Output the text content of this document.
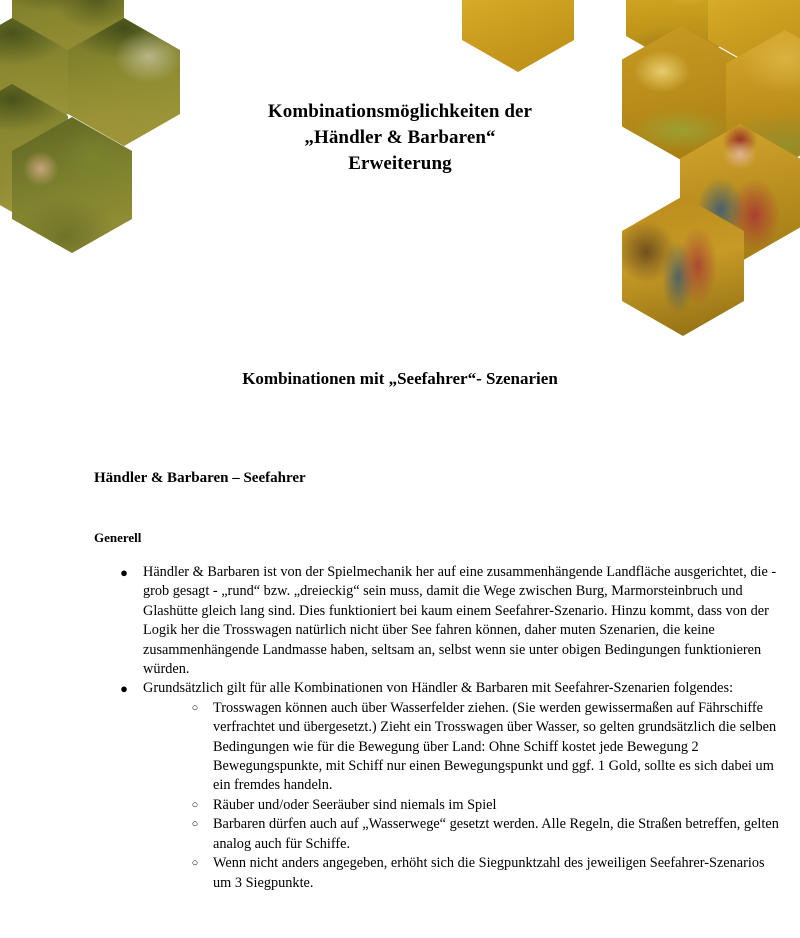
Kombinationsmöglichkeiten der
„Händler & Barbaren“
Erweiterung
Kombinationen mit „Seefahrer“- Szenarien
Händler & Barbaren – Seefahrer
Generell
● Händler & Barbaren ist von der Spielmechanik her auf eine zusammenhängende Landfläche ausgerichtet, die - grob gesagt - „rund“ bzw. „dreieckig“ sein muss, damit die Wege zwischen Burg, Marmorsteinbruch und Glashütte gleich lang sind. Dies funktioniert bei kaum einem Seefahrer-Szenario. Hinzu kommt, dass von der Logik her die Trosswagen natürlich nicht über See fahren können, daher muten Szenarien, die keine zusammenhängende Landmasse haben, seltsam an, selbst wenn sie unter obigen Bedingungen funktionieren würden.
● Grundsätzlich gilt für alle Kombinationen von Händler & Barbaren mit Seefahrer-Szenarien folgendes:
○ Trosswagen können auch über Wasserfelder ziehen. (Sie werden gewissermaßen auf Fährschiffe verfrachtet und übergesetzt.) Zieht ein Trosswagen über Wasser, so gelten grundsätzlich die selben Bedingungen wie für die Bewegung über Land: Ohne Schiff kostet jede Bewegung 2 Bewegungspunkte, mit Schiff nur einen Bewegungspunkt und ggf. 1 Gold, sollte es sich dabei um ein fremdes handeln.
○ Räuber und/oder Seeräuber sind niemals im Spiel
○ Barbaren dürfen auch auf „Wasserwege“ gesetzt werden. Alle Regeln, die Straßen betreffen, gelten analog auch für Schiffe.
○ Wenn nicht anders angegeben, erhöht sich die Siegpunktzahl des jeweiligen Seefahrer-Szenarios um 3 Siegpunkte.
